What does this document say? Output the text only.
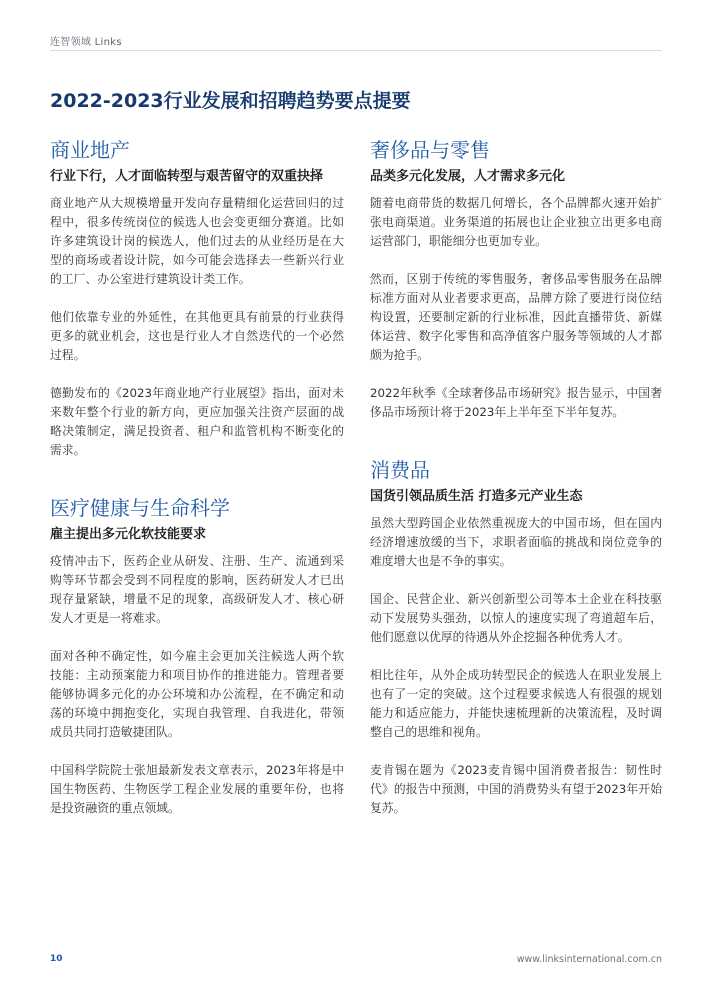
连智领域 Links
2022-2023行业发展和招聘趋势要点提要
商业地产
行业下行，人才面临转型与艰苦留守的双重抉择

商业地产从大规模增量开发向存量精细化运营回归的过程中，很多传统岗位的候选人也会变更细分赛道。比如许多建筑设计岗的候选人，他们过去的从业经历是在大型的商场或者设计院，如今可能会选择去一些新兴行业的工厂、办公室进行建筑设计类工作。

他们依靠专业的外延性，在其他更具有前景的行业获得更多的就业机会，这也是行业人才自然迭代的一个必然过程。

德勤发布的《2023年商业地产行业展望》指出，面对未来数年整个行业的新方向，更应加强关注资产层面的战略决策制定，满足投资者、租户和监管机构不断变化的需求。

医疗健康与生命科学
雇主提出多元化软技能要求

疫情冲击下，医药企业从研发、注册、生产、流通到采购等环节都会受到不同程度的影响，医药研发人才已出现存量紧缺，增量不足的现象，高级研发人才、核心研发人才更是一将难求。

面对各种不确定性，如今雇主会更加关注候选人两个软技能：主动预案能力和项目协作的推进能力。管理者要能够协调多元化的办公环境和办公流程，在不确定和动荡的环境中拥抱变化，实现自我管理、自我进化，带领成员共同打造敏捷团队。

中国科学院院士张旭最新发表文章表示，2023年将是中国生物医药、生物医学工程企业发展的重要年份，也将是投资融资的重点领域。

奢侈品与零售
品类多元化发展，人才需求多元化

随着电商带货的数据几何增长，各个品牌都火速开始扩张电商渠道。业务渠道的拓展也让企业独立出更多电商运营部门，职能细分也更加专业。

然而，区别于传统的零售服务，奢侈品零售服务在品牌标准方面对从业者要求更高，品牌方除了要进行岗位结构设置，还要制定新的行业标准，因此直播带货、新媒体运营、数字化零售和高净值客户服务等领域的人才都颇为抢手。

2022年秋季《全球奢侈品市场研究》报告显示，中国奢侈品市场预计将于2023年上半年至下半年复苏。

消费品
国货引领品质生活 打造多元产业生态

虽然大型跨国企业依然重视庞大的中国市场，但在国内经济增速放缓的当下，求职者面临的挑战和岗位竞争的难度增大也是不争的事实。

国企、民营企业、新兴创新型公司等本土企业在科技驱动下发展势头强劲，以惊人的速度实现了弯道超车后，他们愿意以优厚的待遇从外企挖掘各种优秀人才。

相比往年，从外企成功转型民企的候选人在职业发展上也有了一定的突破。这个过程要求候选人有很强的规划能力和适应能力，并能快速梳理新的决策流程，及时调整自己的思维和视角。

麦肯锡在题为《2023麦肯锡中国消费者报告：韧性时代》的报告中预测，中国的消费势头有望于2023年开始复苏。

10	www.linksinternational.com.cn
